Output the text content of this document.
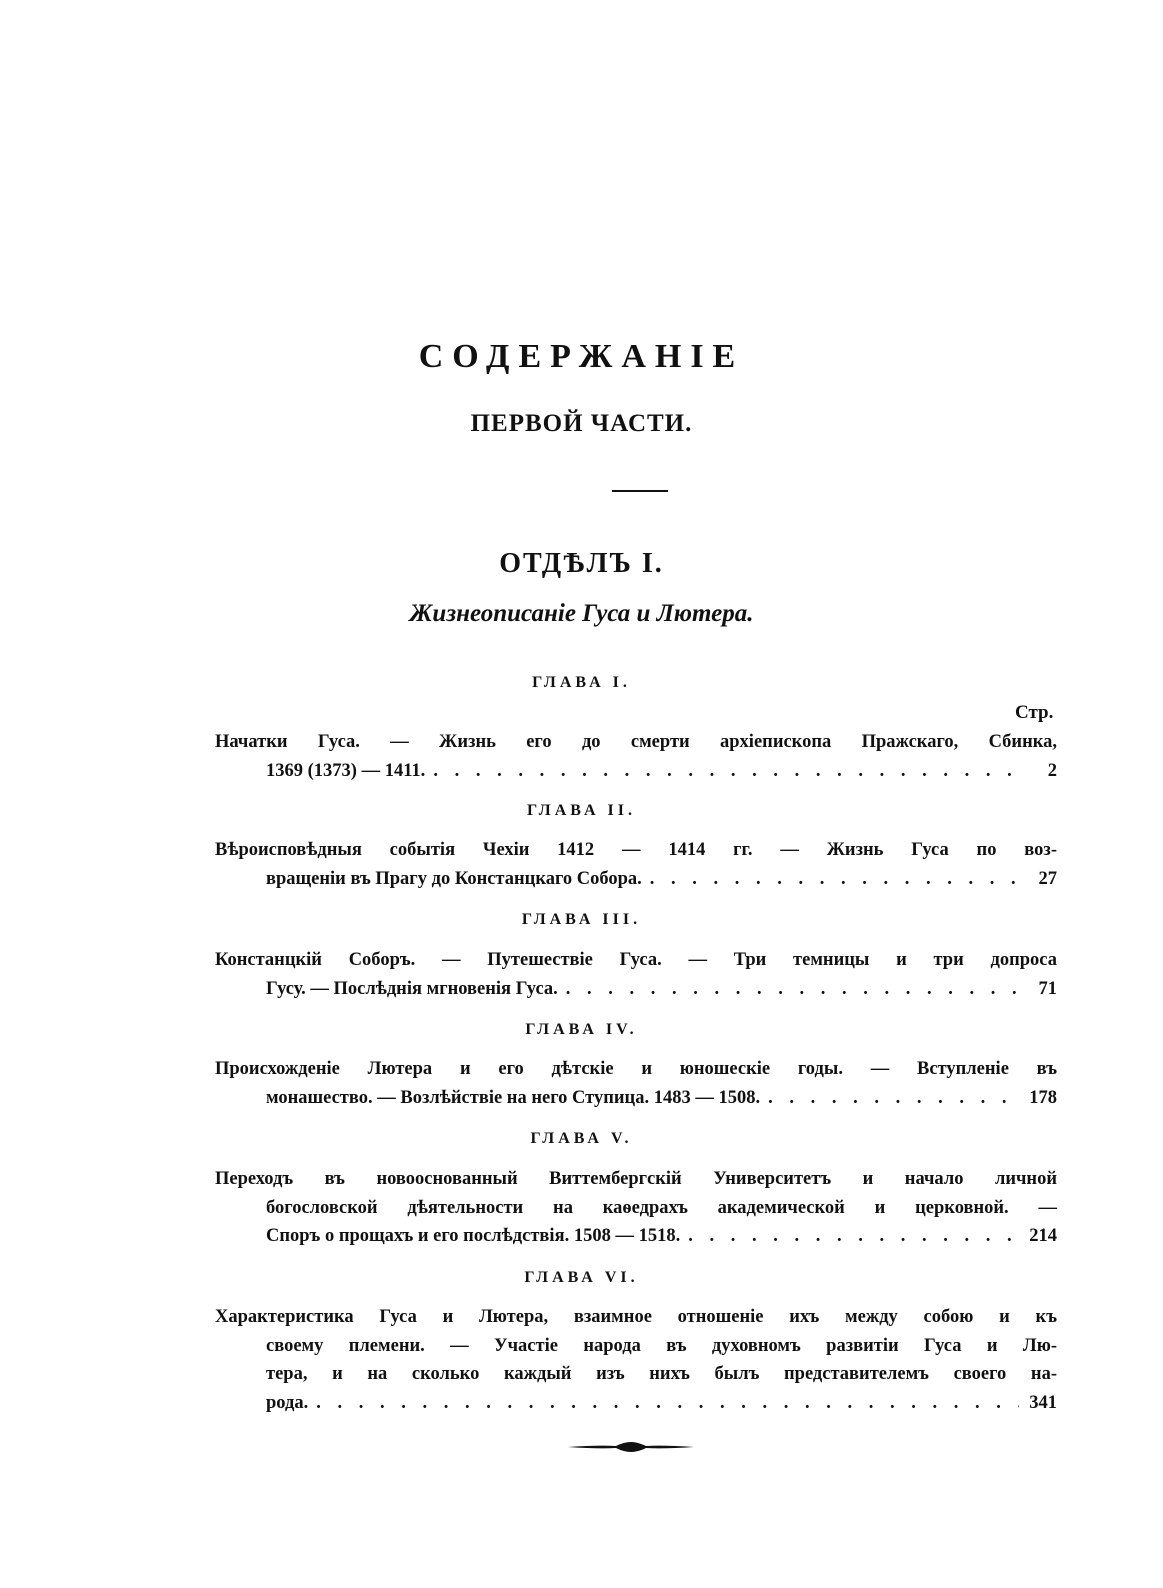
СОДЕРЖАНІЕ
ПЕРВОЙ ЧАСТИ.
ОТДѢЛЪ I.
Жизнеописаніе Гуса и Лютера.
ГЛАВА I.
Стр.
Начатки Гуса. — Жизнь его до смерти архіепископа Пражскаго, Сбинка,
1369 (1373) — 1411. . . .	2
ГЛАВА II.
Вѣроисповѣдныя событія Чехіи 1412 — 1414 гг. — Жизнь Гуса по воз-
вращеніи въ Прагу до Констанцкаго Собора. . . .	27
ГЛАВА III.
Констанцкій Соборъ. — Путешествіе Гуса. — Три темницы и три допроса
Гусу. — Послѣднія мгновенія Гуса. . . .	71
ГЛАВА IV.
Происхожденіе Лютера и его дѣтскіе и юношескіе годы. — Вступленіе въ
монашество. — Возлѣйствіе на него Ступица. 1483 — 1508. . . .	178
ГЛАВА V.
Переходъ въ новооснованный Виттембергскій Университетъ и начало личной
богословской дѣятельности на каѳедрахъ академической и церковной. —
Споръ о прощахъ и его послѣдствія. 1508 — 1518. . . .	214
ГЛАВА VI.
Характеристика Гуса и Лютера, взаимное отношеніе ихъ между собою и къ
своему племени. — Участіе народа въ духовномъ развитіи Гуса и Лю-
тера, и на сколько каждый изъ нихъ былъ представителемъ своего на-
рода. . . .	341
